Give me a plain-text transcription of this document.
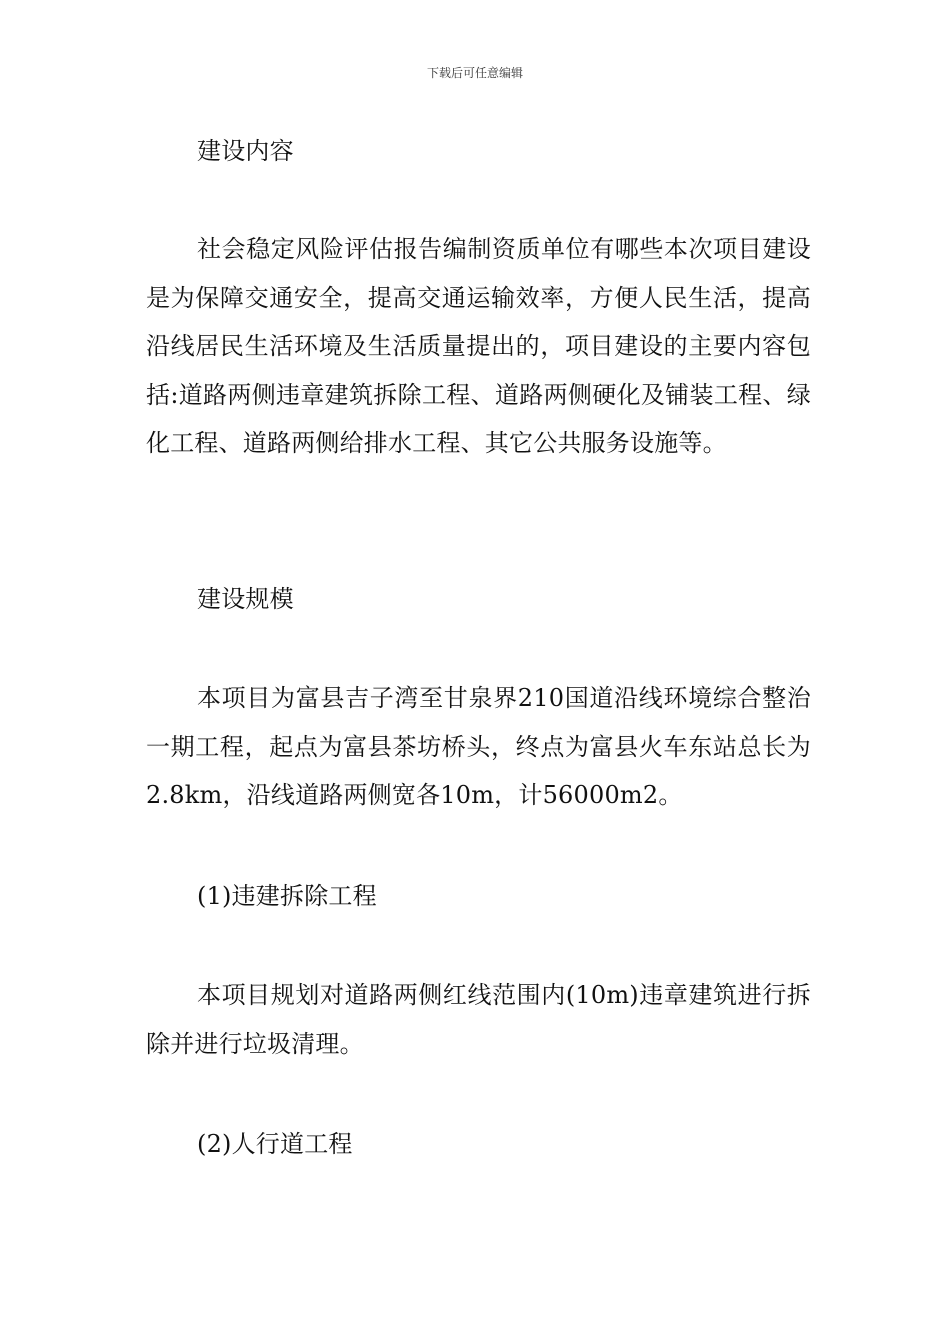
下载后可任意编辑

建设内容

社会稳定风险评估报告编制资质单位有哪些本次项目建设是为保障交通安全，提高交通运输效率，方便人民生活，提高沿线居民生活环境及生活质量提出的，项目建设的主要内容包括:道路两侧违章建筑拆除工程、道路两侧硬化及铺装工程、绿化工程、道路两侧给排水工程、其它公共服务设施等。

建设规模

本项目为富县吉子湾至甘泉界210国道沿线环境综合整治一期工程，起点为富县茶坊桥头，终点为富县火车东站总长为2.8km，沿线道路两侧宽各10m，计56000m2。

(1)违建拆除工程

本项目规划对道路两侧红线范围内(10m)违章建筑进行拆除并进行垃圾清理。

(2)人行道工程
